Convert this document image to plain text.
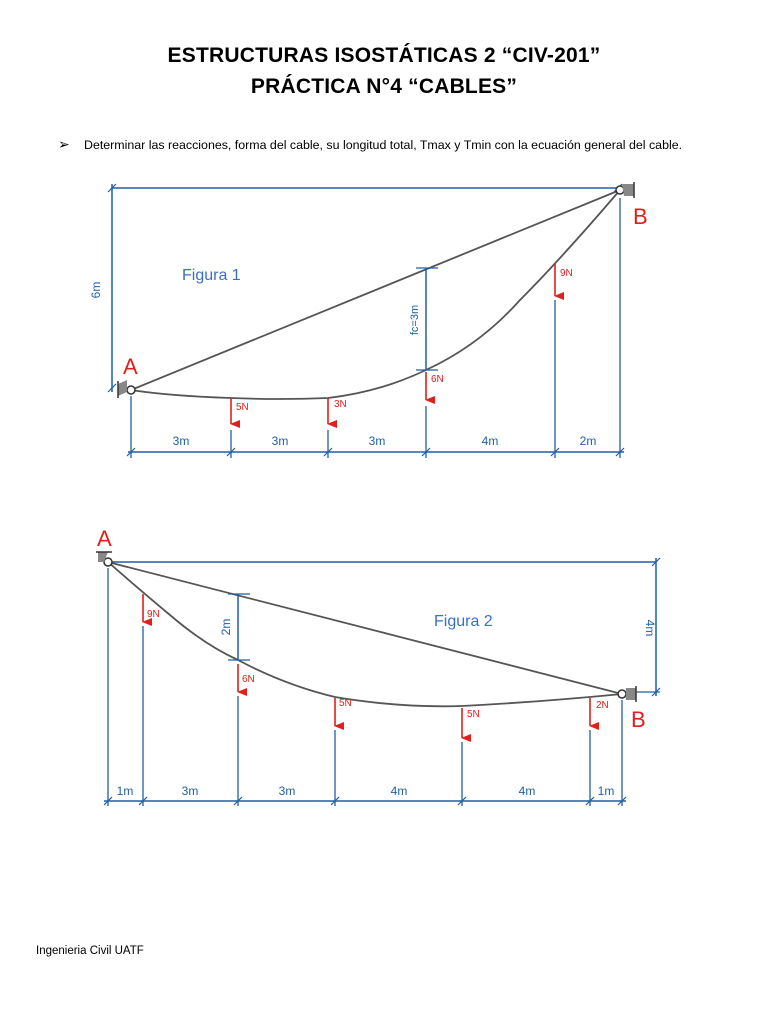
ESTRUCTURAS ISOSTÁTICAS 2 “CIV-201”
PRÁCTICA N°4 “CABLES”
➢ Determinar las reacciones, forma del cable, su longitud total, Tmax y Tmin con la ecuación general del cable.
6m
A
B
Figura 1
fc=3m
5N	3N
6N
9N
3m	3m	3m	4m	2m
4m
A
B
Figura 2
2m
9N
6N
5N
5N
2N
1m	3m	3m	4m	4m	1m
Ingenieria Civil UATF
